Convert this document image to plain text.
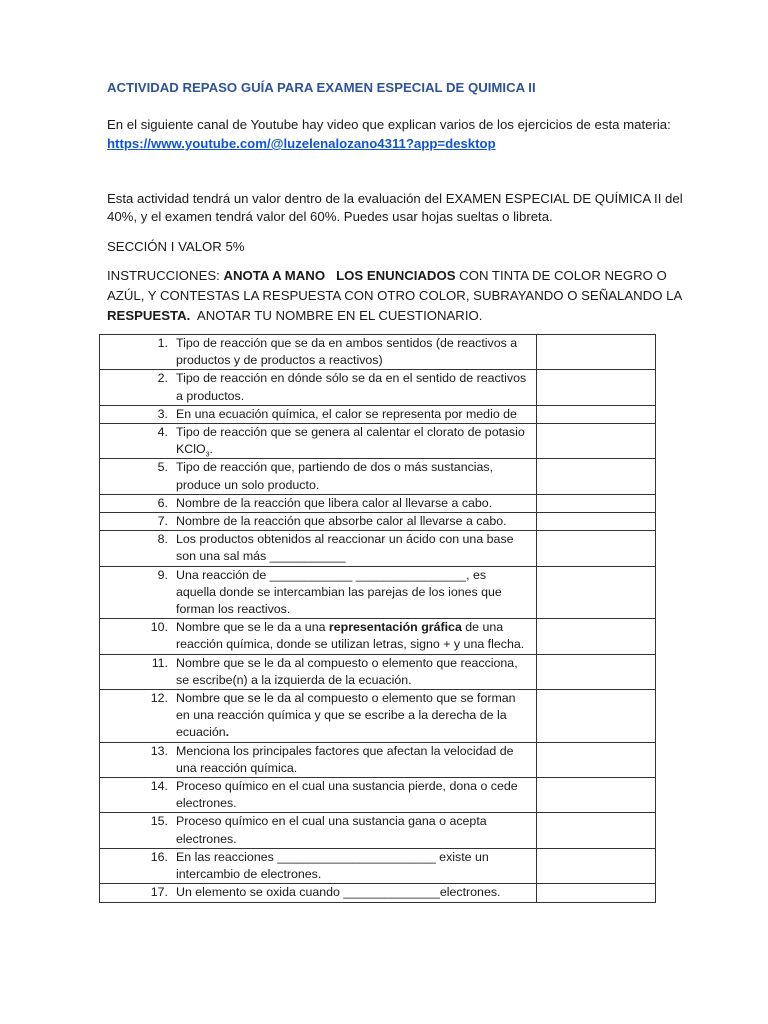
ACTIVIDAD REPASO GUÍA PARA EXAMEN ESPECIAL DE QUIMICA II
En el siguiente canal de Youtube hay video que explican varios de los ejercicios de esta materia:
https://www.youtube.com/@luzelenalozano4311?app=desktop
Esta actividad tendrá un valor dentro de la evaluación del EXAMEN ESPECIAL DE QUÍMICA II del
40%, y el examen tendrá valor del 60%. Puedes usar hojas sueltas o libreta.
SECCIÓN I VALOR 5%
INSTRUCCIONES: ANOTA A MANO LOS ENUNCIADOS CON TINTA DE COLOR NEGRO O
AZÚL, Y CONTESTAS LA RESPUESTA CON OTRO COLOR, SUBRAYANDO O SEÑALANDO LA
RESPUESTA.  ANOTAR TU NOMBRE EN EL CUESTIONARIO.
1. Tipo de reacción que se da en ambos sentidos (de reactivos a
productos y de productos a reactivos)	

2. Tipo de reacción en dónde sólo se da en el sentido de reactivos
a productos.	

3. En una ecuación química, el calor se representa por medio de	

4. Tipo de reacción que se genera al calentar el clorato de potasio
KClO$_3$.	

5. Tipo de reacción que, partiendo de dos o más sustancias,
produce un solo producto.	

6. Nombre de la reacción que libera calor al llevarse a cabo.	

7. Nombre de la reacción que absorbe calor al llevarse a cabo.	

8. Los productos obtenidos al reaccionar un ácido con una base
son una sal más ___________	

9. Una reacción de ____________ ________________, es
aquella donde se intercambian las parejas de los iones que
forman los reactivos.	

10. Nombre que se le da a una representación gráfica de una
reacción química, donde se utilizan letras, signo + y una flecha.	

11. Nombre que se le da al compuesto o elemento que reacciona,
se escribe(n) a la izquierda de la ecuación.	

12. Nombre que se le da al compuesto o elemento que se forman
en una reacción química y que se escribe a la derecha de la
ecuación.	

13. Menciona los principales factores que afectan la velocidad de
una reacción química.	

14. Proceso químico en el cual una sustancia pierde, dona o cede
electrones.	

15. Proceso químico en el cual una sustancia gana o acepta
electrones.	

16. En las reacciones _______________________ existe un
intercambio de electrones.	

17. Un elemento se oxida cuando ______________electrones.	
